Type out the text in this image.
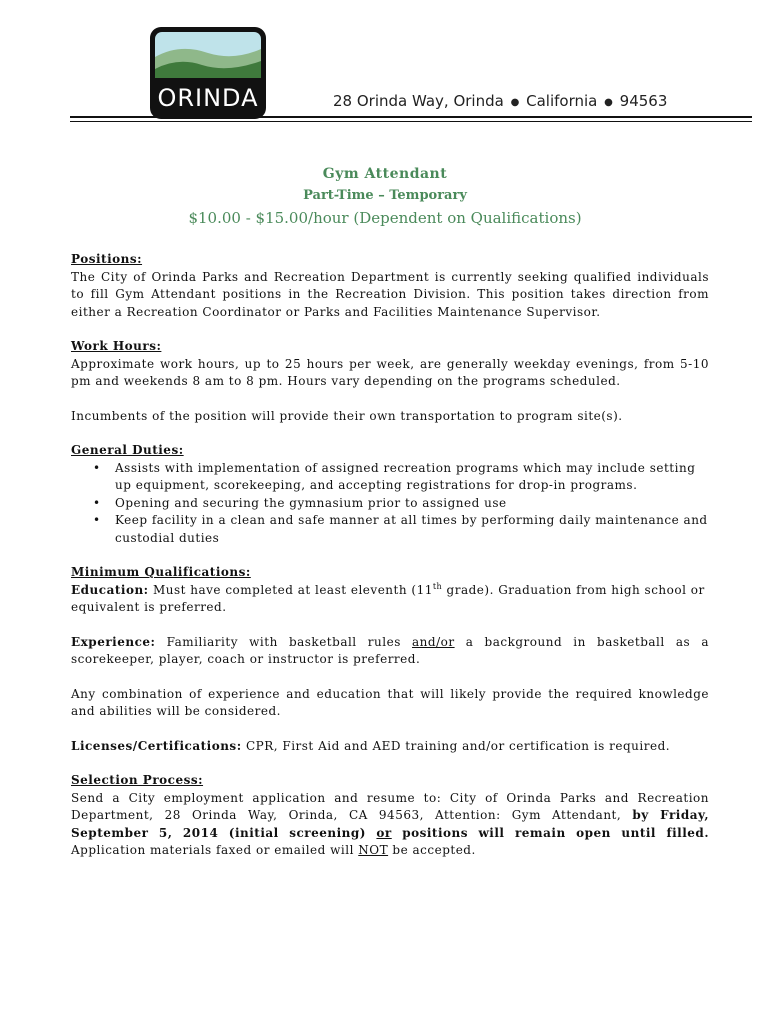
ORINDA	28 Orinda Way, Orinda ● California ● 94563
Gym Attendant
Part-Time – Temporary
$10.00 - $15.00/hour (Dependent on Qualifications)
Positions:
The City of Orinda Parks and Recreation Department is currently seeking qualified individuals to fill Gym Attendant positions in the Recreation Division. This position takes direction from either a Recreation Coordinator or Parks and Facilities Maintenance Supervisor.
Work Hours:
Approximate work hours, up to 25 hours per week, are generally weekday evenings, from 5-10 pm and weekends 8 am to 8 pm. Hours vary depending on the programs scheduled.
Incumbents of the position will provide their own transportation to program site(s).
General Duties:
• Assists with implementation of assigned recreation programs which may include setting up equipment, scorekeeping, and accepting registrations for drop-in programs.
• Opening and securing the gymnasium prior to assigned use
• Keep facility in a clean and safe manner at all times by performing daily maintenance and custodial duties
Minimum Qualifications:
Education: Must have completed at least eleventh (11th grade). Graduation from high school or equivalent is preferred.
Experience: Familiarity with basketball rules and/or a background in basketball as a scorekeeper, player, coach or instructor is preferred.
Any combination of experience and education that will likely provide the required knowledge and abilities will be considered.
Licenses/Certifications: CPR, First Aid and AED training and/or certification is required.
Selection Process:
Send a City employment application and resume to: City of Orinda Parks and Recreation Department, 28 Orinda Way, Orinda, CA 94563, Attention: Gym Attendant, by Friday, September 5, 2014 (initial screening) or positions will remain open until filled. Application materials faxed or emailed will NOT be accepted.
